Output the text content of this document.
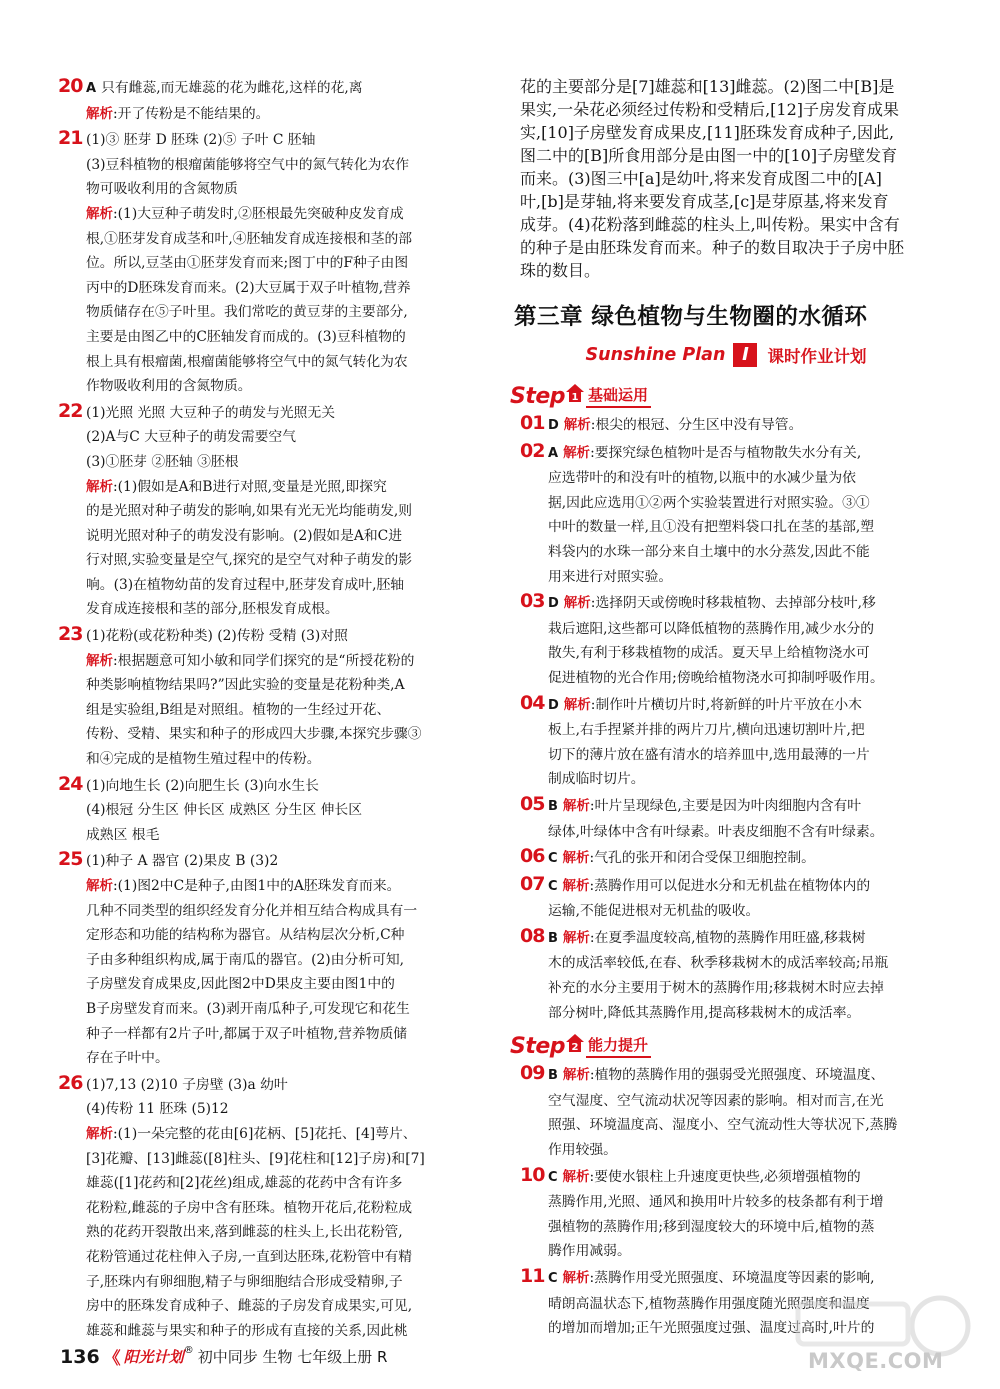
20 A 只有雌蕊,而无雄蕊的花为雌花,这样的花,离
解析:开了传粉是不能结果的。
21 (1)③ 胚芽 D 胚珠 (2)⑤ 子叶 C 胚轴
(3)豆科植物的根瘤菌能够将空气中的氮气转化为农作
物可吸收利用的含氮物质
解析:(1)大豆种子萌发时,②胚根最先突破种皮发育成
根,①胚芽发育成茎和叶,④胚轴发育成连接根和茎的部
位。所以,豆茎由①胚芽发育而来;图丁中的F种子由图
丙中的D胚珠发育而来。(2)大豆属于双子叶植物,营养
物质储存在⑤子叶里。我们常吃的黄豆芽的主要部分,
主要是由图乙中的C胚轴发育而成的。(3)豆科植物的
根上具有根瘤菌,根瘤菌能够将空气中的氮气转化为农
作物吸收利用的含氮物质。
22 (1)光照 光照 大豆种子的萌发与光照无关
(2)A与C 大豆种子的萌发需要空气
(3)①胚芽 ②胚轴 ③胚根
解析:(1)假如是A和B进行对照,变量是光照,即探究
的是光照对种子萌发的影响,如果有光无光均能萌发,则
说明光照对种子的萌发没有影响。(2)假如是A和C进
行对照,实验变量是空气,探究的是空气对种子萌发的影
响。(3)在植物幼苗的发育过程中,胚芽发育成叶,胚轴
发育成连接根和茎的部分,胚根发育成根。
23 (1)花粉(或花粉种类) (2)传粉 受精 (3)对照
解析:根据题意可知小敏和同学们探究的是“所授花粉的
种类影响植物结果吗?”因此实验的变量是花粉种类,A
组是实验组,B组是对照组。植物的一生经过开花、
传粉、受精、果实和种子的形成四大步骤,本探究步骤③
和④完成的是植物生殖过程中的传粉。
24 (1)向地生长 (2)向肥生长 (3)向水生长
(4)根冠 分生区 伸长区 成熟区 分生区 伸长区
成熟区 根毛
25 (1)种子 A 器官 (2)果皮 B (3)2
解析:(1)图2中C是种子,由图1中的A胚珠发育而来。
几种不同类型的组织经发育分化并相互结合构成具有一
定形态和功能的结构称为器官。从结构层次分析,C种
子由多种组织构成,属于南瓜的器官。(2)由分析可知,
子房壁发育成果皮,因此图2中D果皮主要由图1中的
B子房壁发育而来。(3)剥开南瓜种子,可发现它和花生
种子一样都有2片子叶,都属于双子叶植物,营养物质储
存在子叶中。
26 (1)7,13 (2)10 子房壁 (3)a 幼叶
(4)传粉 11 胚珠 (5)12
解析:(1)一朵完整的花由[6]花柄、[5]花托、[4]萼片、
[3]花瓣、[13]雌蕊([8]柱头、[9]花柱和[12]子房)和[7]
雄蕊([1]花药和[2]花丝)组成,雄蕊的花药中含有许多
花粉粒,雌蕊的子房中含有胚珠。植物开花后,花粉粒成
熟的花药开裂散出来,落到雌蕊的柱头上,长出花粉管,
花粉管通过花柱伸入子房,一直到达胚珠,花粉管中有精
子,胚珠内有卵细胞,精子与卵细胞结合形成受精卵,子
房中的胚珠发育成种子、雌蕊的子房发育成果实,可见,
雄蕊和雌蕊与果实和种子的形成有直接的关系,因此桃
花的主要部分是[7]雄蕊和[13]雌蕊。(2)图二中[B]是
果实,一朵花必须经过传粉和受精后,[12]子房发育成果
实,[10]子房壁发育成果皮,[11]胚珠发育成种子,因此,
图二中的[B]所食用部分是由图一中的[10]子房壁发育
而来。(3)图三中[a]是幼叶,将来发育成图二中的[A]
叶,[b]是芽轴,将来要发育成茎,[c]是芽原基,将来发育
成芽。(4)花粉落到雌蕊的柱头上,叫传粉。果实中含有
的种子是由胚珠发育而来。种子的数目取决于子房中胚
珠的数目。
第三章 绿色植物与生物圈的水循环
Sunshine Plan I	课时作业计划
Step 1 基础运用
01 D 解析:根尖的根冠、分生区中没有导管。
02 A 解析:要探究绿色植物叶是否与植物散失水分有关,
应选带叶的和没有叶的植物,以瓶中的水减少量为依
据,因此应选用①②两个实验装置进行对照实验。③①
中叶的数量一样,且①没有把塑料袋口扎在茎的基部,塑
料袋内的水珠一部分来自土壤中的水分蒸发,因此不能
用来进行对照实验。
03 D 解析:选择阴天或傍晚时移栽植物、去掉部分枝叶,移
栽后遮阳,这些都可以降低植物的蒸腾作用,减少水分的
散失,有利于移栽植物的成活。夏天早上给植物浇水可
促进植物的光合作用;傍晚给植物浇水可抑制呼吸作用。
04 D 解析:制作叶片横切片时,将新鲜的叶片平放在小木
板上,右手捏紧并排的两片刀片,横向迅速切割叶片,把
切下的薄片放在盛有清水的培养皿中,选用最薄的一片
制成临时切片。
05 B 解析:叶片呈现绿色,主要是因为叶肉细胞内含有叶
绿体,叶绿体中含有叶绿素。叶表皮细胞不含有叶绿素。
06 C 解析:气孔的张开和闭合受保卫细胞控制。
07 C 解析:蒸腾作用可以促进水分和无机盐在植物体内的
运输,不能促进根对无机盐的吸收。
08 B 解析:在夏季温度较高,植物的蒸腾作用旺盛,移栽树
木的成活率较低,在春、秋季移栽树木的成活率较高;吊瓶
补充的水分主要用于树木的蒸腾作用;移栽树木时应去掉
部分树叶,降低其蒸腾作用,提高移栽树木的成活率。
Step 2 能力提升
09 B 解析:植物的蒸腾作用的强弱受光照强度、环境温度、
空气湿度、空气流动状况等因素的影响。相对而言,在光
照强、环境温度高、湿度小、空气流动性大等状况下,蒸腾
作用较强。
10 C 解析:要使水银柱上升速度更快些,必须增强植物的
蒸腾作用,光照、通风和换用叶片较多的枝条都有利于增
强植物的蒸腾作用;移到湿度较大的环境中后,植物的蒸
腾作用减弱。
11 C 解析:蒸腾作用受光照强度、环境温度等因素的影响,
晴朗高温状态下,植物蒸腾作用强度随光照强度和温度
的增加而增加;正午光照强度过强、温度过高时,叶片的
136 《 阳光计划 ® 初中同步 生物 七年级上册 R	MXQE.COM
